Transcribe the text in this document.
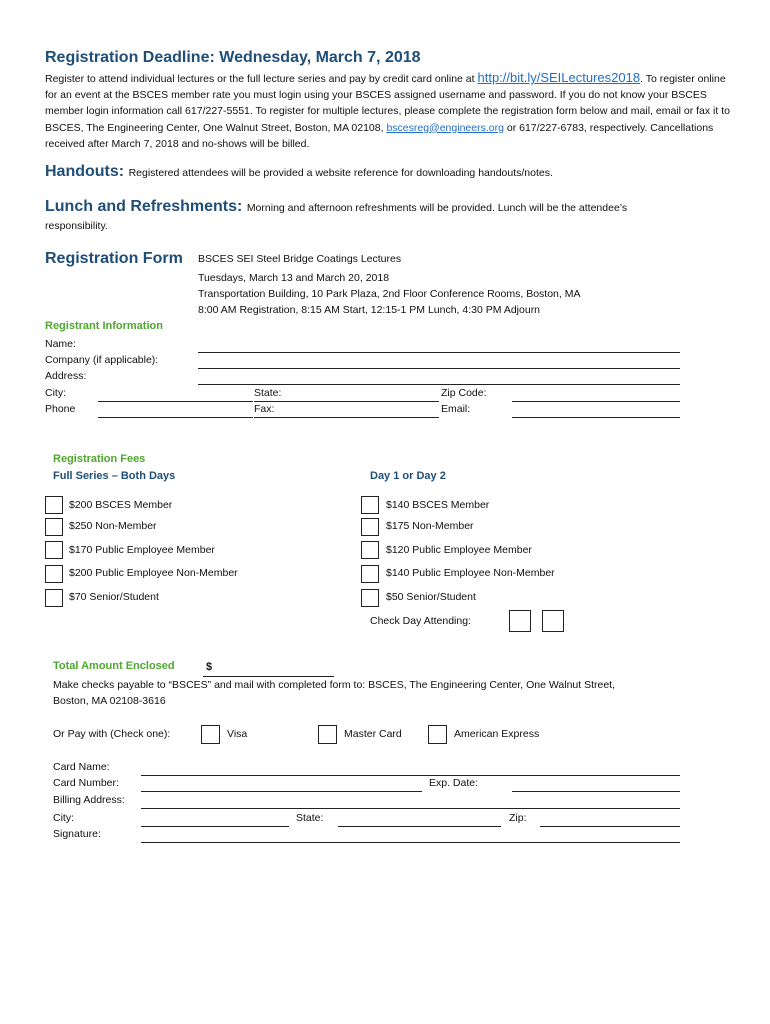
Registration Deadline: Wednesday, March 7, 2018
Register to attend individual lectures or the full lecture series and pay by credit card online at http://bit.ly/SEILectures2018. To register online for an event at the BSCES member rate you must login using your BSCES assigned username and password. If you do not know your BSCES member login information call 617/227-5551. To register for multiple lectures, please complete the registration form below and mail, email or fax it to BSCES, The Engineering Center, One Walnut Street, Boston, MA 02108, bscesreg@engineers.org or 617/227-6783, respectively. Cancellations received after March 7, 2018 and no-shows will be billed.
Handouts: Registered attendees will be provided a website reference for downloading handouts/notes.
Lunch and Refreshments: Morning and afternoon refreshments will be provided. Lunch will be the attendee’s
responsibility.
Registration Form BSCES SEI Steel Bridge Coatings Lectures
Tuesdays, March 13 and March 20, 2018
Transportation Building, 10 Park Plaza, 2nd Floor Conference Rooms, Boston, MA
8:00 AM Registration, 8:15 AM Start, 12:15-1 PM Lunch, 4:30 PM Adjourn
Registrant Information
Name:
Company (if applicable):
Address:
City:	State:	Zip Code:
Phone	Fax:	Email:
Registration Fees
Full Series – Both Days	Day 1 or Day 2
$200 BSCES Member
$250 Non-Member
$170 Public Employee Member
$200 Public Employee Non-Member
$70 Senior/Student
$140 BSCES Member
$175 Non-Member
$120 Public Employee Member
$140 Public Employee Non-Member
$50 Senior/Student
Check Day Attending:
Total Amount Enclosed	$
Make checks payable to “BSCES” and mail with completed form to: BSCES, The Engineering Center, One Walnut Street,
Boston, MA 02108-3616
Or Pay with (Check one):	Visa	Master Card	American Express
Card Name:
Card Number:	Exp. Date:
Billing Address:
City:	State:	Zip:
Signature:
